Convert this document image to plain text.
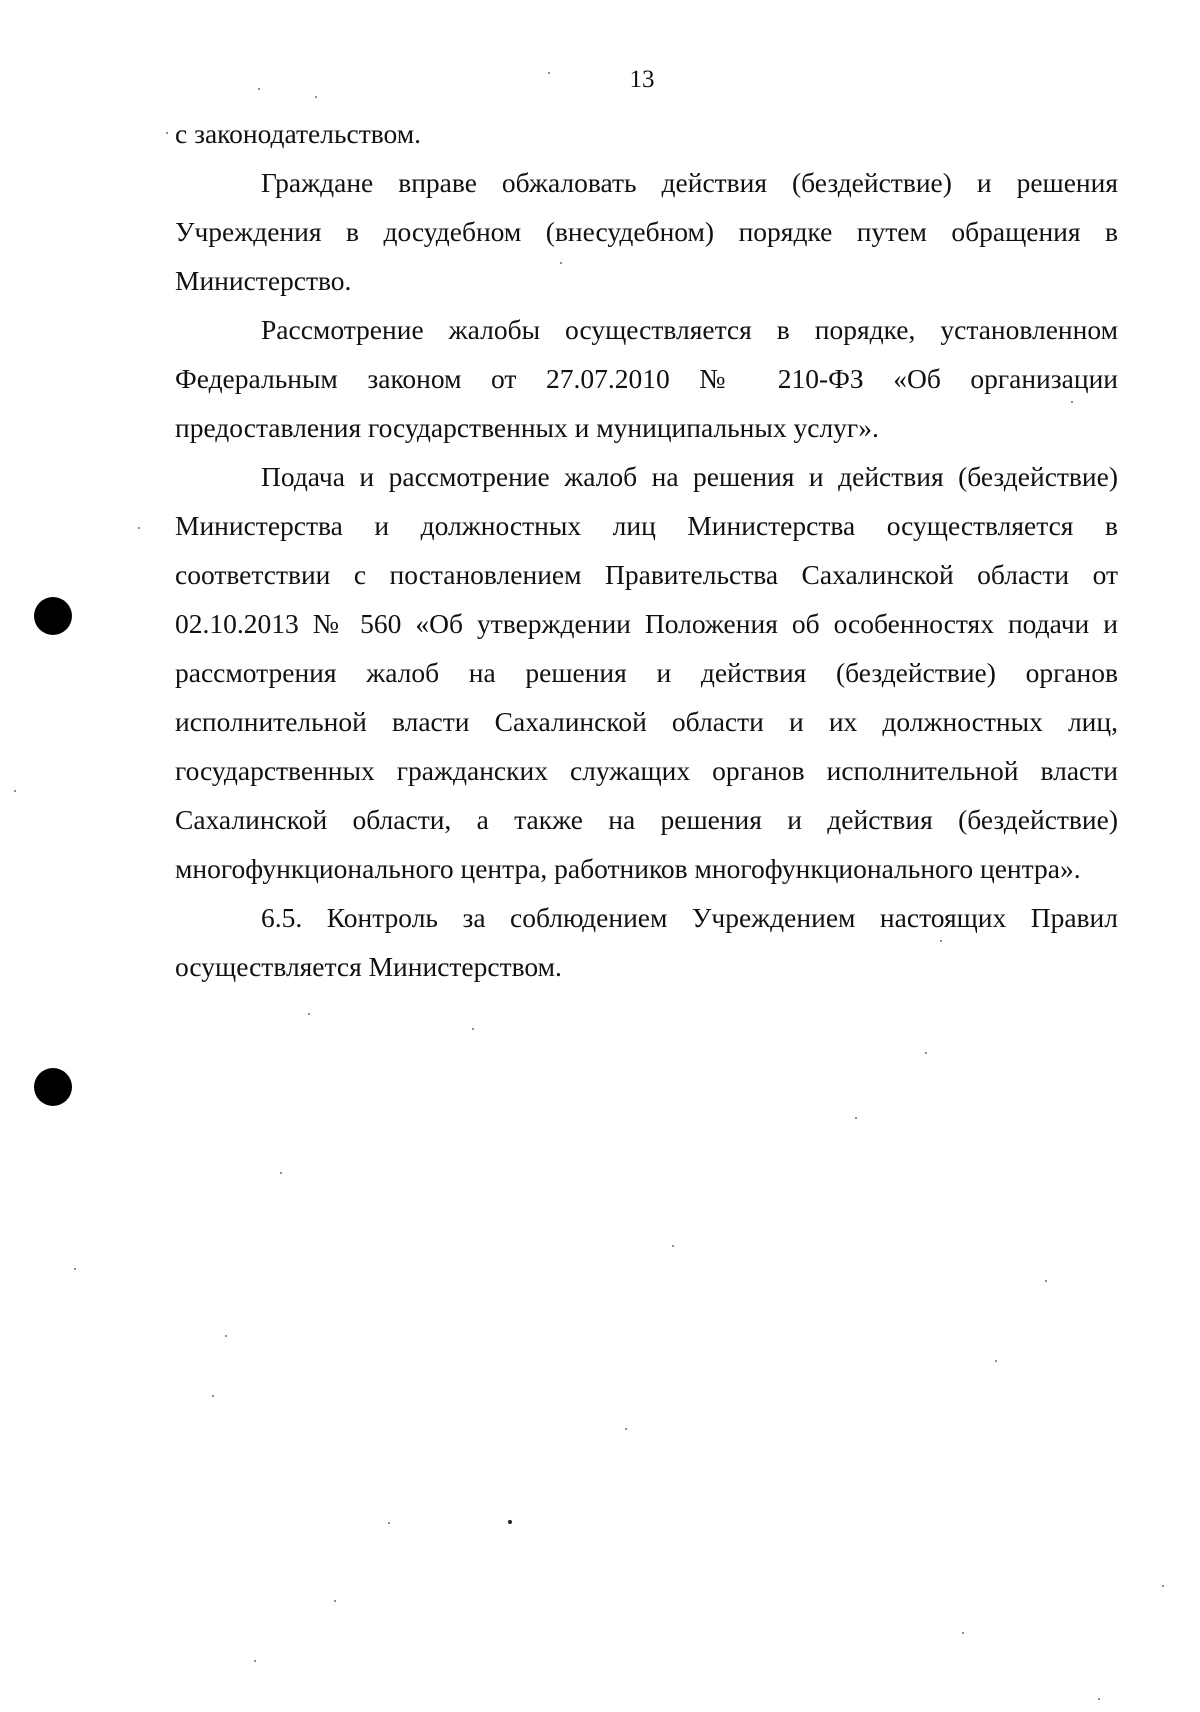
13

с законодательством.

Граждане вправе обжаловать действия (бездействие) и решения Учреждения в досудебном (внесудебном) порядке путем обращения в Министерство.

Рассмотрение жалобы осуществляется в порядке, установленном Федеральным законом от 27.07.2010 № 210-ФЗ «Об организации предоставления государственных и муниципальных услуг».

Подача и рассмотрение жалоб на решения и действия (бездействие) Министерства и должностных лиц Министерства осуществляется в соответствии с постановлением Правительства Сахалинской области от 02.10.2013 № 560 «Об утверждении Положения об особенностях подачи и рассмотрения жалоб на решения и действия (бездействие) органов исполнительной власти Сахалинской области и их должностных лиц, государственных гражданских служащих органов исполнительной власти Сахалинской области, а также на решения и действия (бездействие) многофункционального центра, работников многофункционального центра».

6.5. Контроль за соблюдением Учреждением настоящих Правил осуществляется Министерством.
